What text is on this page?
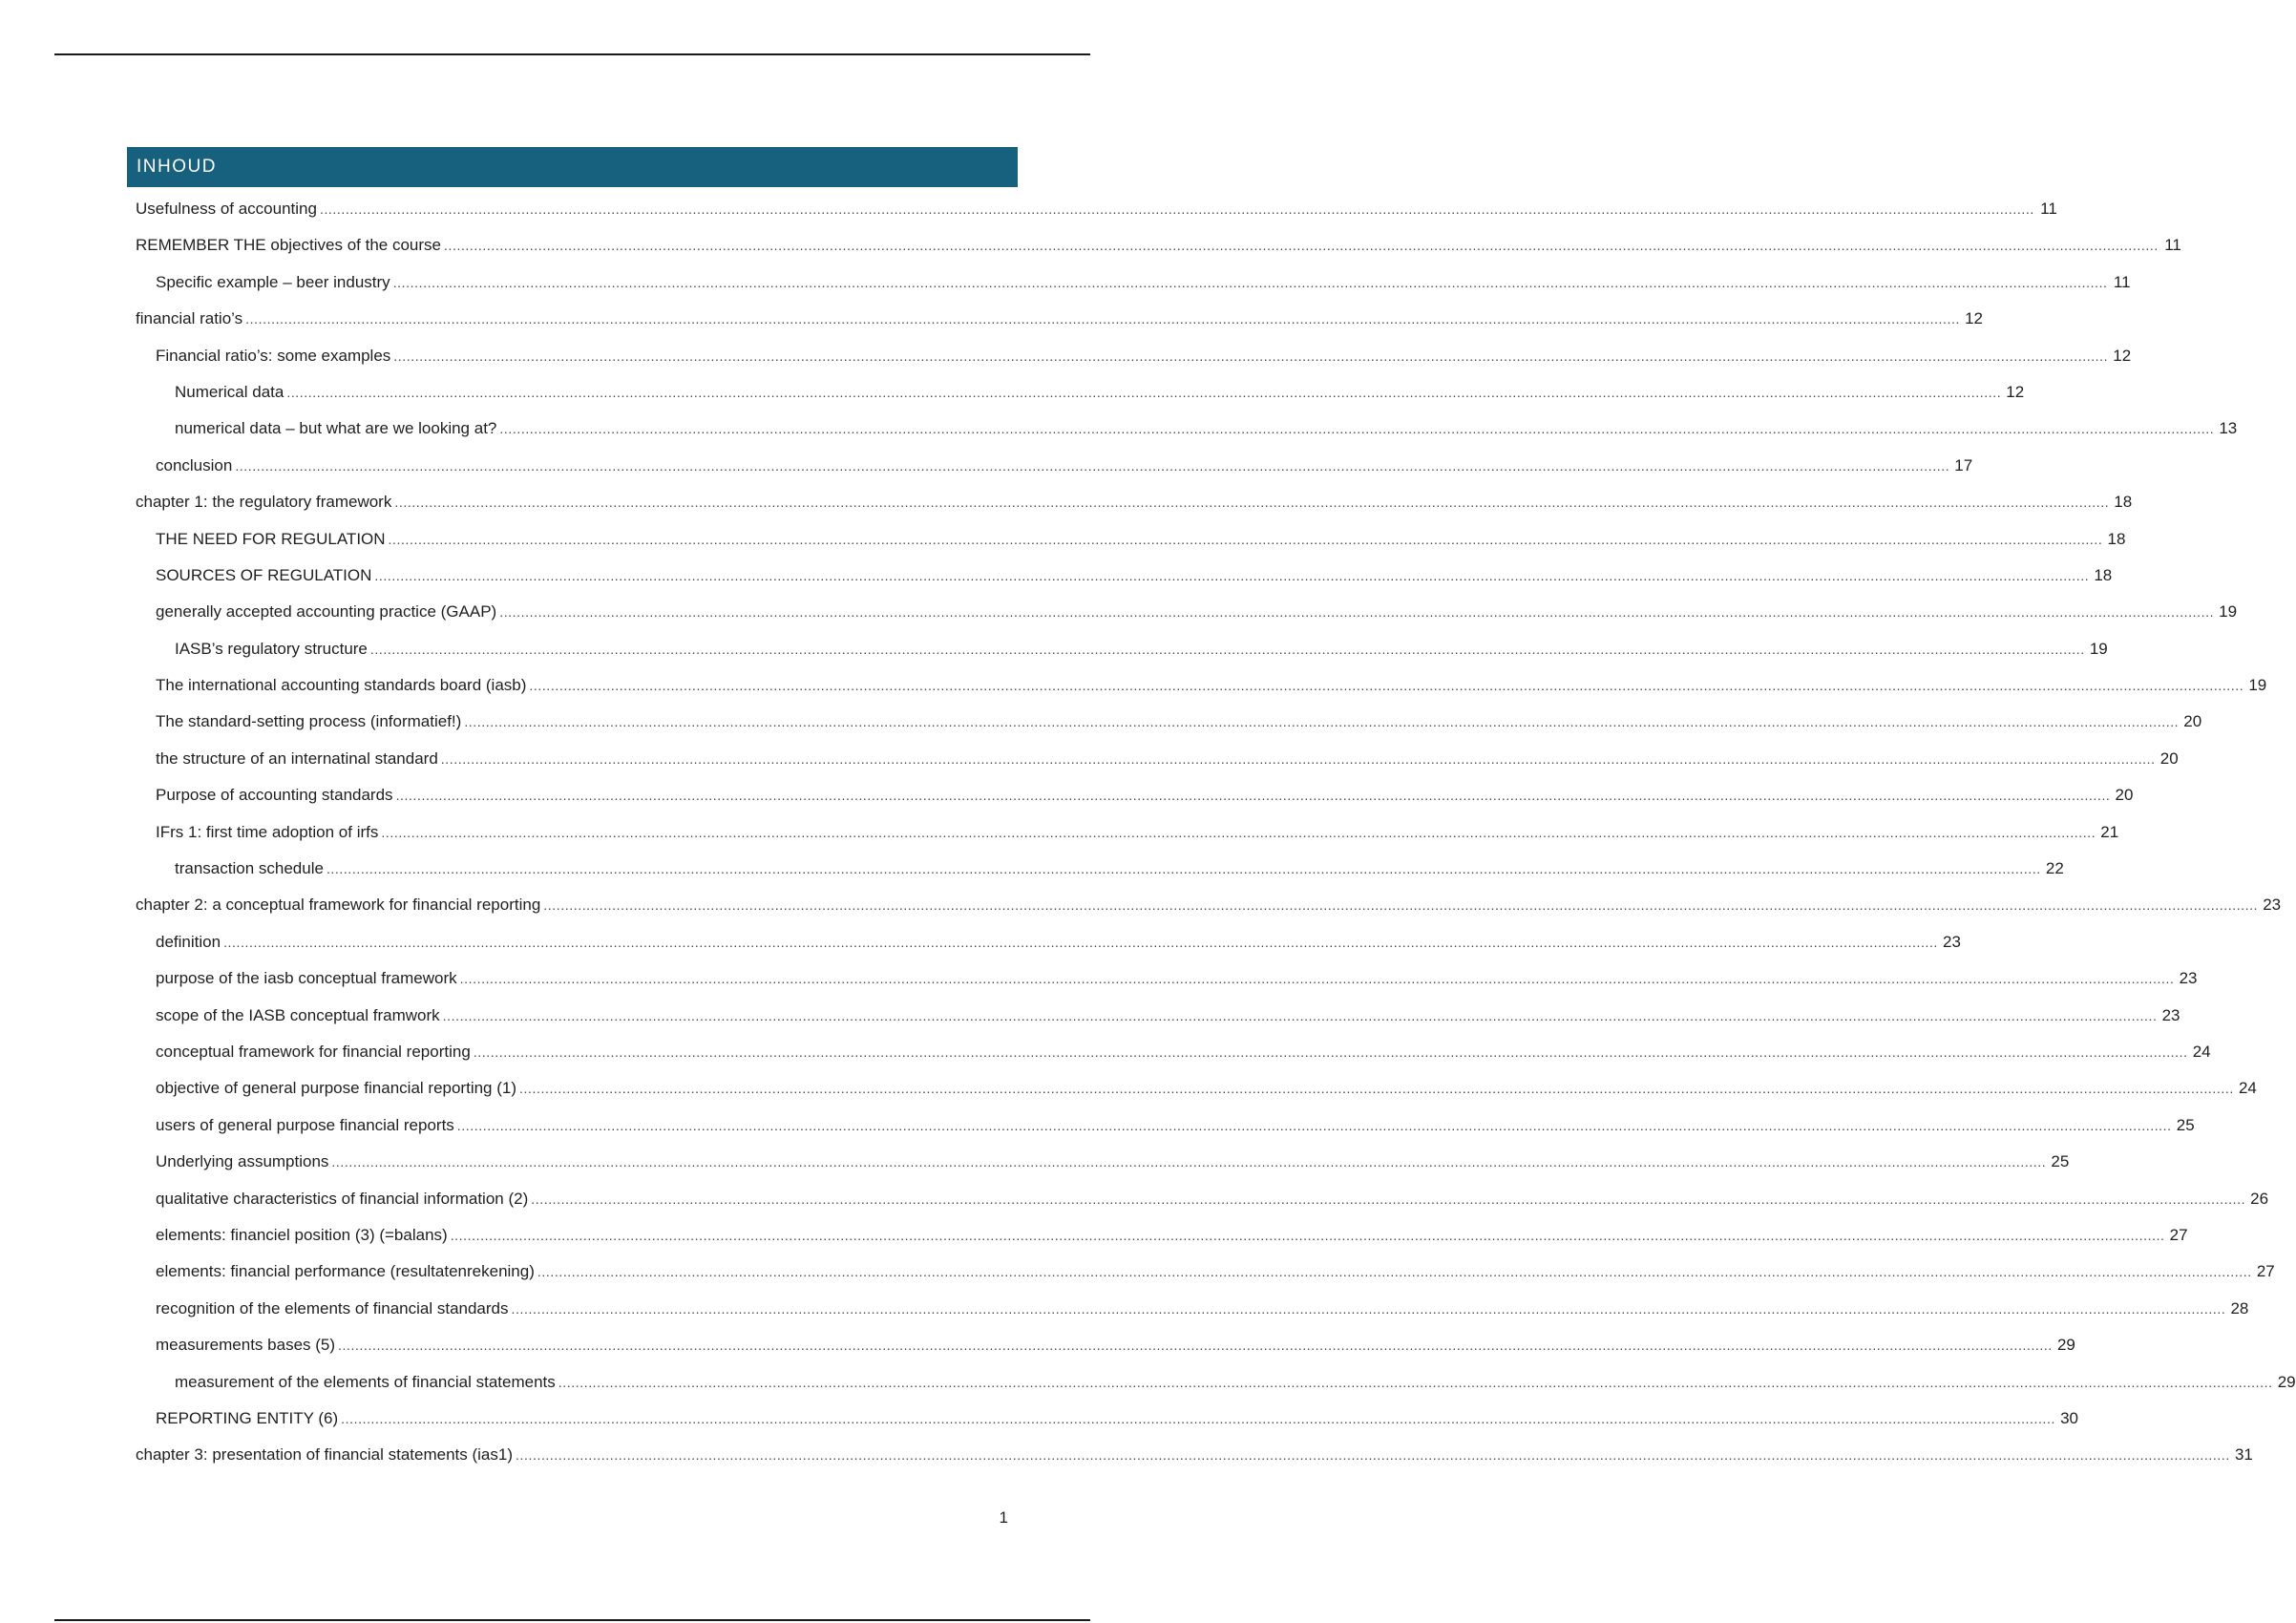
INHOUD
Usefulness of accounting ................................................................................................................................................................................................................................................................................................................................................................................................................ 11
REMEMBER THE objectives of the course ................................................................................................................................................................................................................................................................................................................................................................................................................ 11
Specific example – beer industry ................................................................................................................................................................................................................................................................................................................................................................................................................ 11
financial ratio’s ................................................................................................................................................................................................................................................................................................................................................................................................................ 12
Financial ratio’s: some examples ................................................................................................................................................................................................................................................................................................................................................................................................................ 12
Numerical data ................................................................................................................................................................................................................................................................................................................................................................................................................ 12
numerical data – but what are we looking at? ................................................................................................................................................................................................................................................................................................................................................................................................................ 13
conclusion ................................................................................................................................................................................................................................................................................................................................................................................................................ 17
chapter 1: the regulatory framework ................................................................................................................................................................................................................................................................................................................................................................................................................ 18
THE NEED FOR REGULATION ................................................................................................................................................................................................................................................................................................................................................................................................................ 18
SOURCES OF REGULATION ................................................................................................................................................................................................................................................................................................................................................................................................................ 18
generally accepted accounting practice (GAAP) ................................................................................................................................................................................................................................................................................................................................................................................................................ 19
IASB’s regulatory structure ................................................................................................................................................................................................................................................................................................................................................................................................................ 19
The international accounting standards board (iasb) ................................................................................................................................................................................................................................................................................................................................................................................................................ 19
The standard-setting process (informatief!) ................................................................................................................................................................................................................................................................................................................................................................................................................ 20
the structure of an internatinal standard ................................................................................................................................................................................................................................................................................................................................................................................................................ 20
Purpose of accounting standards ................................................................................................................................................................................................................................................................................................................................................................................................................ 20
IFrs 1: first time adoption of irfs ................................................................................................................................................................................................................................................................................................................................................................................................................ 21
transaction schedule ................................................................................................................................................................................................................................................................................................................................................................................................................ 22
chapter 2: a conceptual framework for financial reporting ................................................................................................................................................................................................................................................................................................................................................................................................................ 23
definition ................................................................................................................................................................................................................................................................................................................................................................................................................ 23
purpose of the iasb conceptual framework ................................................................................................................................................................................................................................................................................................................................................................................................................ 23
scope of the IASB conceptual framwork ................................................................................................................................................................................................................................................................................................................................................................................................................ 23
conceptual framework for financial reporting ................................................................................................................................................................................................................................................................................................................................................................................................................ 24
objective of general purpose financial reporting (1) ................................................................................................................................................................................................................................................................................................................................................................................................................ 24
users of general purpose financial reports ................................................................................................................................................................................................................................................................................................................................................................................................................ 25
Underlying assumptions ................................................................................................................................................................................................................................................................................................................................................................................................................ 25
qualitative characteristics of financial information (2) ................................................................................................................................................................................................................................................................................................................................................................................................................ 26
elements: financiel position (3) (=balans) ................................................................................................................................................................................................................................................................................................................................................................................................................ 27
elements: financial performance (resultatenrekening) ................................................................................................................................................................................................................................................................................................................................................................................................................ 27
recognition of the elements of financial standards ................................................................................................................................................................................................................................................................................................................................................................................................................ 28
measurements bases (5) ................................................................................................................................................................................................................................................................................................................................................................................................................ 29
measurement of the elements of financial statements ................................................................................................................................................................................................................................................................................................................................................................................................................ 29
REPORTING ENTITY (6) ................................................................................................................................................................................................................................................................................................................................................................................................................ 30
chapter 3: presentation of financial statements (ias1) ................................................................................................................................................................................................................................................................................................................................................................................................................ 31
1
